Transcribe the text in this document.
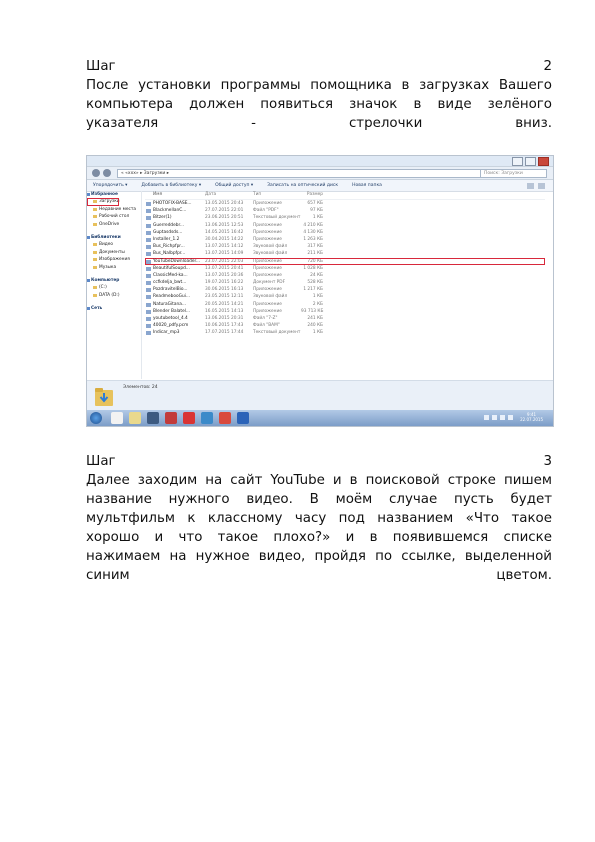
Шаг	2
После установки программы помощника в загрузках Вашего
компьютера должен появиться значок в виде зелёного
указателя - стрелочки вниз.
« «ххх» ▸ Загрузки ▸	Поиск: Загрузки
Упорядочить ▾	Добавить в библиотеку ▾	Общий доступ ▾	Записать на оптический диск	Новая папка
Избранное
Загрузки
Недавние места
Рабочий стол
OneDrive
Библиотеки
Видео
Документы
Изображения
Музыка
Компьютер
(C:)
DATA (D:)
Сеть
Имя	Дата	Тип	Размер
PHOTOFIX-BASE...	13.05.2015 20:43	Приложение	657 КБ
BlackmellanC...	27.07.2015 22:01	Файл "PDF"	97 КБ
Bitzer(1)	23.06.2015 20:51	Текстовый документ	1 КБ
Guerreddebr...	13.06.2015 12:53	Приложение	4 210 КБ
Guptasdsds...	14.05.2015 16:42	Приложение	4 130 КБ
Installer_1.2	30.04.2015 14:22	Приложение	1 263 КБ
Bus_Richpfpr...	13.07.2015 14:12	Звуковой файл	317 КБ
Bus_Nalbpfpr...	13.07.2015 14:09	Звуковой файл	211 КБ
YouTubeDownloader...	23.07.2015 22:03	Приложение	720 КБ
BeautifulSoupd...	13.07.2015 20:41	Приложение	1 028 КБ
ClassicMed-ka...	13.07.2015 20:36	Приложение	24 КБ
ccfkdelja_bwt...	19.07.2015 16:22	Документ PDF	528 КБ
PozdravitelBio...	30.06.2015 16:13	Приложение	1 217 КБ
ReadmebooGui...	23.05.2015 12:11	Звуковой файл	1 КБ
NaturaGitana...	20.05.2015 14:21	Приложение	2 КБ
Blender Balatel...	16.05.2015 14:13	Приложение	93 713 КБ
youtubetool_4.4	13.06.2015 20:31	Файл "7-Z"	241 КБ
40020_pdfy.pcm	10.06.2015 17:43	Файл "BAM"	240 КБ
Indicar_mp3	17.07.2015 17:44	Текстовый документ	1 КБ
Элементов: 24
9:41
22.07.2015
Шаг	3
Далее заходим на сайт YouTube и в поисковой строке пишем
название нужного видео. В моём случае пусть будет
мультфильм к классному часу под названием «Что такое
хорошо и что такое плохо?» и в появившемся списке
нажимаем на нужное видео, пройдя по ссылке, выделенной
синим цветом.
